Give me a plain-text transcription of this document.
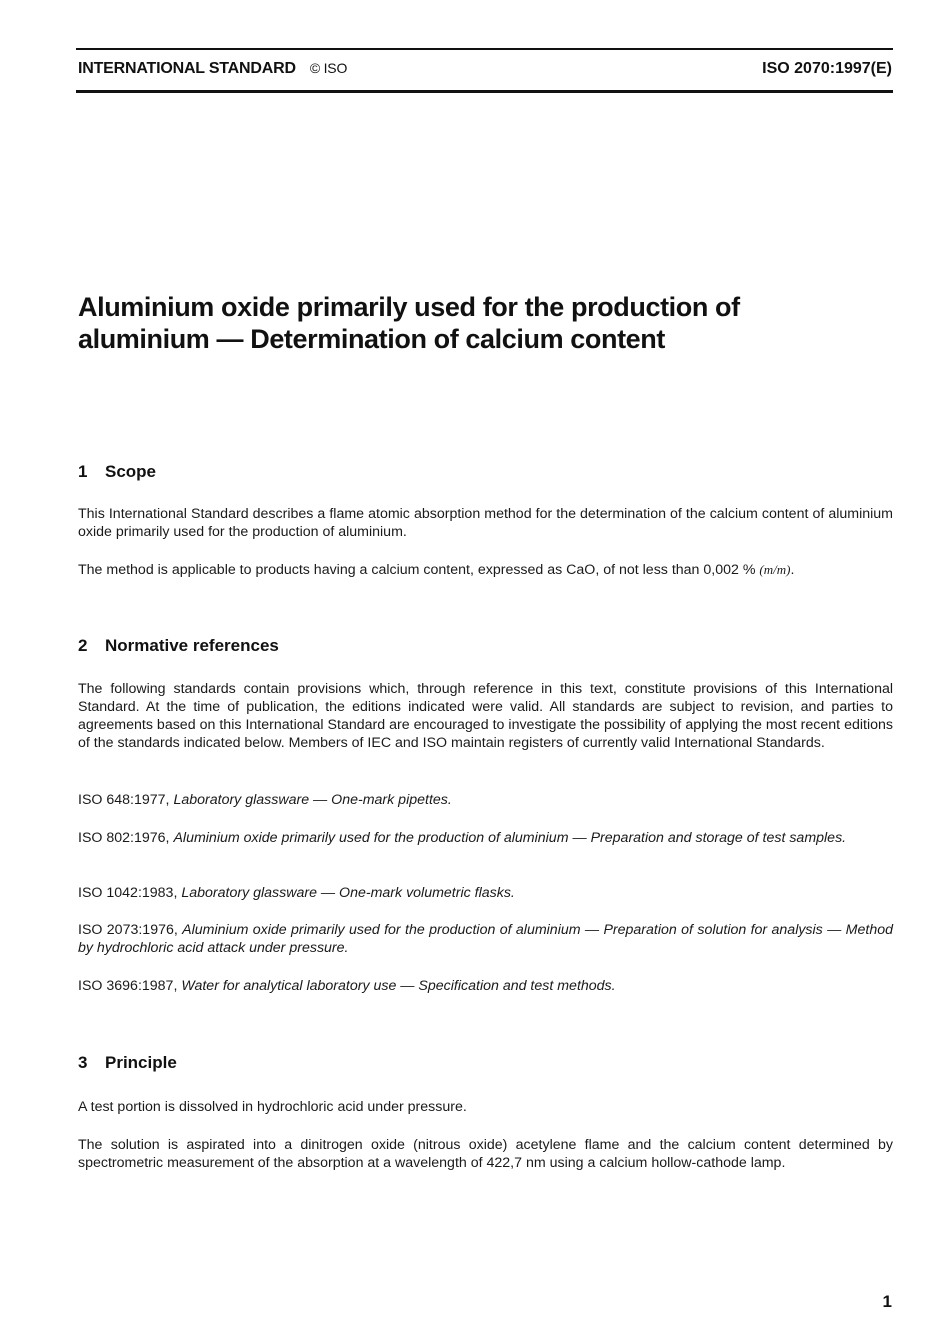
INTERNATIONAL STANDARD © ISO	ISO 2070:1997(E)
Aluminium oxide primarily used for the production of
aluminium — Determination of calcium content
1 Scope

This International Standard describes a flame atomic absorption method for the determination of the calcium content of aluminium oxide primarily used for the production of aluminium.

The method is applicable to products having a calcium content, expressed as CaO, of not less than 0,002 % (m/m).

2 Normative references

The following standards contain provisions which, through reference in this text, constitute provisions of this International Standard. At the time of publication, the editions indicated were valid. All standards are subject to revision, and parties to agreements based on this International Standard are encouraged to investigate the possibility of applying the most recent editions of the standards indicated below. Members of IEC and ISO maintain registers of currently valid International Standards.

ISO 648:1977, Laboratory glassware — One-mark pipettes.

ISO 802:1976, Aluminium oxide primarily used for the production of aluminium — Preparation and storage of test samples.

ISO 1042:1983, Laboratory glassware — One-mark volumetric flasks.

ISO 2073:1976, Aluminium oxide primarily used for the production of aluminium — Preparation of solution for analysis — Method by hydrochloric acid attack under pressure.

ISO 3696:1987, Water for analytical laboratory use — Specification and test methods.

3 Principle

A test portion is dissolved in hydrochloric acid under pressure.

The solution is aspirated into a dinitrogen oxide (nitrous oxide) acetylene flame and the calcium content determined by spectrometric measurement of the absorption at a wavelength of 422,7 nm using a calcium hollow-cathode lamp.

1
